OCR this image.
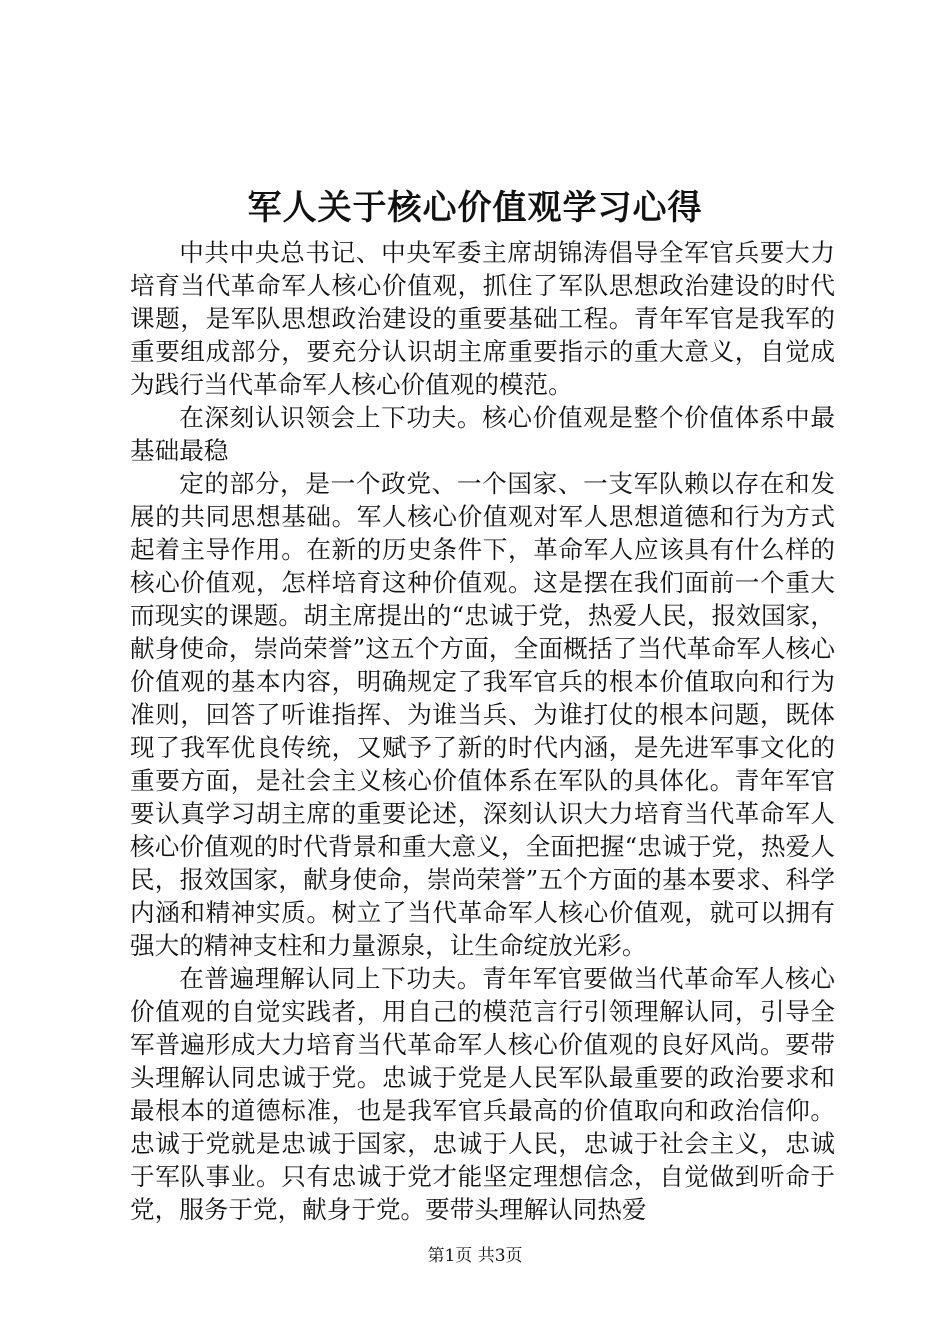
军人关于核心价值观学习心得

中共中央总书记、中央军委主席胡锦涛倡导全军官兵要大力培育当代革命军人核心价值观，抓住了军队思想政治建设的时代课题，是军队思想政治建设的重要基础工程。青年军官是我军的重要组成部分，要充分认识胡主席重要指示的重大意义，自觉成为践行当代革命军人核心价值观的模范。

在深刻认识领会上下功夫。核心价值观是整个价值体系中最基础最稳

定的部分，是一个政党、一个国家、一支军队赖以存在和发展的共同思想基础。军人核心价值观对军人思想道德和行为方式起着主导作用。在新的历史条件下，革命军人应该具有什么样的核心价值观，怎样培育这种价值观。这是摆在我们面前一个重大而现实的课题。胡主席提出的“忠诚于党，热爱人民，报效国家，献身使命，崇尚荣誉”这五个方面，全面概括了当代革命军人核心价值观的基本内容，明确规定了我军官兵的根本价值取向和行为准则，回答了听谁指挥、为谁当兵、为谁打仗的根本问题，既体现了我军优良传统，又赋予了新的时代内涵，是先进军事文化的重要方面，是社会主义核心价值体系在军队的具体化。青年军官要认真学习胡主席的重要论述，深刻认识大力培育当代革命军人核心价值观的时代背景和重大意义，全面把握“忠诚于党，热爱人民，报效国家，献身使命，崇尚荣誉”五个方面的基本要求、科学内涵和精神实质。树立了当代革命军人核心价值观，就可以拥有强大的精神支柱和力量源泉，让生命绽放光彩。

在普遍理解认同上下功夫。青年军官要做当代革命军人核心价值观的自觉实践者，用自己的模范言行引领理解认同，引导全军普遍形成大力培育当代革命军人核心价值观的良好风尚。要带头理解认同忠诚于党。忠诚于党是人民军队最重要的政治要求和最根本的道德标准，也是我军官兵最高的价值取向和政治信仰。忠诚于党就是忠诚于国家，忠诚于人民，忠诚于社会主义，忠诚于军队事业。只有忠诚于党才能坚定理想信念，自觉做到听命于党，服务于党，献身于党。要带头理解认同热爱

第1页 共3页
